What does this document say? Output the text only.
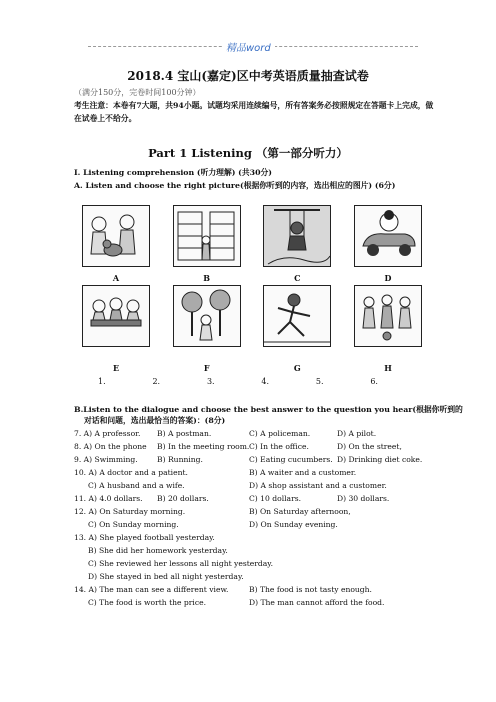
精品word
2018.4 宝山(嘉定)区中考英语质量抽查试卷
（满分150分，完卷时间100分钟）
考生注意：本卷有7大题，共94小题。试题均采用连续编号，所有答案务必按照规定在答题卡上完成，做在试卷上不给分。
Part 1 Listening （第一部分听力）
I. Listening comprehension (听力理解) (共30分)
A. Listen and choose the right picture(根据你听到的内容，选出相应的图片) (6分)
A	B	C	D
E	F	G	H
1.	2.	3.	4.	5.	6.
B.Listen to the dialogue and choose the best answer to the question you hear(根据你听到的
对话和问题，选出最恰当的答案)：(8分)
7. A) A professor. B) A postman.	C) A policeman.	D) A pilot.
8. A) On the phone B) In the meeting room. C) In the office.	D) On the street,
9. A) Swimming.	B) Running.	C) Eating cucumbers. D) Drinking diet coke.
10. A) A doctor and a patient.	B) A waiter and a customer.
C) A husband and a wife.	D) A shop assistant and a customer.
11. A) 4.0 dollars. B) 20 dollars.	C) 10 dollars.	D) 30 dollars.
12. A) On Saturday morning.	B) On Saturday afternoon,
C) On Sunday morning.	D) On Sunday evening.
13. A) She played football yesterday.
B) She did her homework yesterday.
C) She reviewed her lessons all night yesterday.
D) She stayed in bed all night yesterday.
14. A) The man can see a different view.	B) The food is not tasty enough.
C) The food is worth the price.	D) The man cannot afford the food.
